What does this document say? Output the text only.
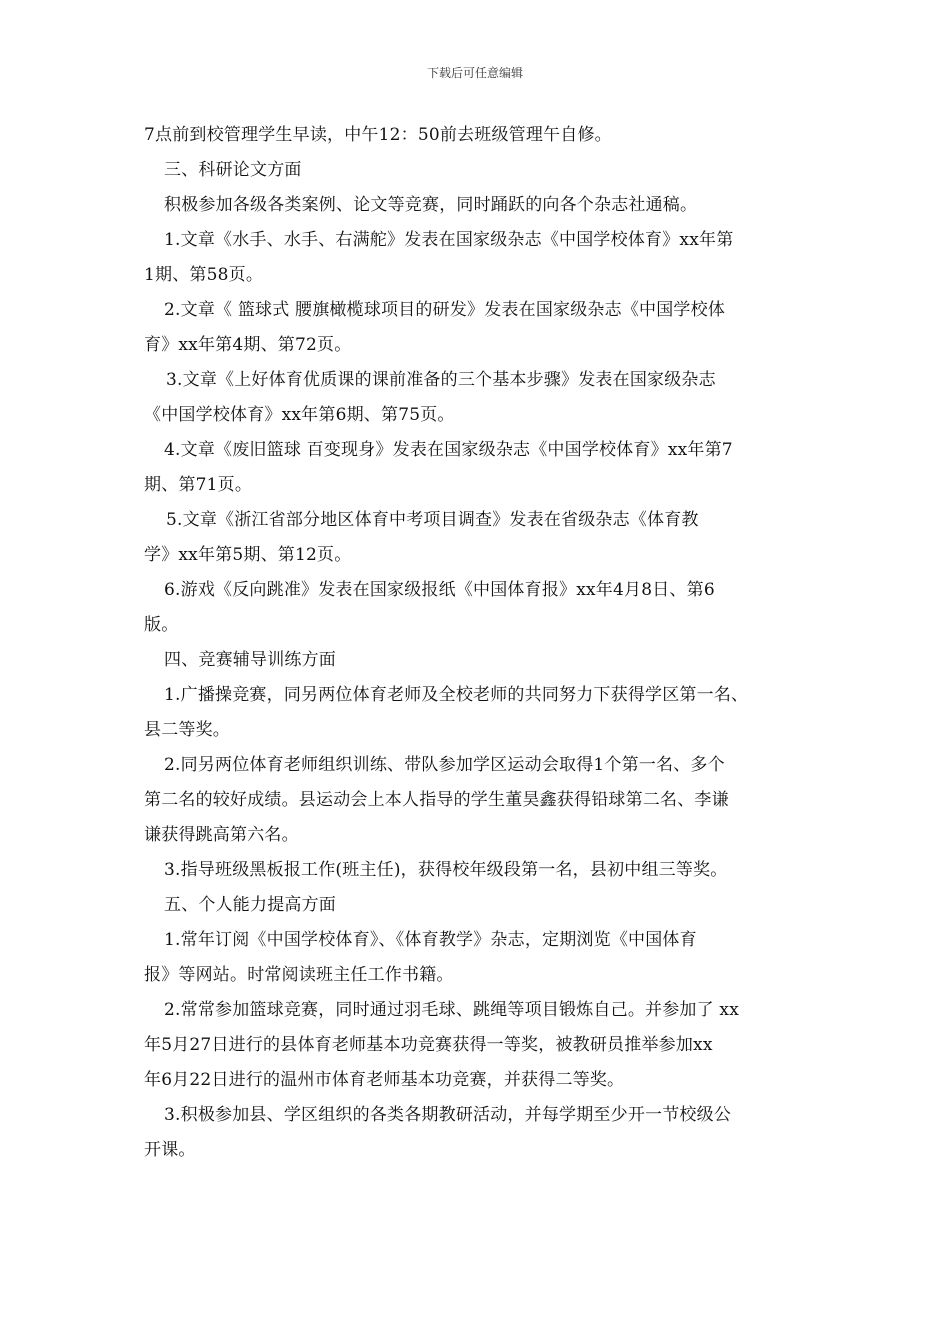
下载后可任意编辑
7点前到校管理学生早读，中午12：50前去班级管理午自修。
三、科研论文方面
积极参加各级各类案例、论文等竞赛，同时踊跃的向各个杂志社通稿。
1.文章《水手、水手、右满舵》发表在国家级杂志《中国学校体育》xx年第
1期、第58页。
2.文章《 篮球式 腰旗橄榄球项目的研发》发表在国家级杂志《中国学校体
育》xx年第4期、第72页。
3.文章《上好体育优质课的课前准备的三个基本步骤》发表在国家级杂志
《中国学校体育》xx年第6期、第75页。
4.文章《废旧篮球 百变现身》发表在国家级杂志《中国学校体育》xx年第7
期、第71页。
5.文章《浙江省部分地区体育中考项目调查》发表在省级杂志《体育教
学》xx年第5期、第12页。
6.游戏《反向跳准》发表在国家级报纸《中国体育报》xx年4月8日、第6
版。
四、竞赛辅导训练方面
1.广播操竞赛，同另两位体育老师及全校老师的共同努力下获得学区第一名、
县二等奖。
2.同另两位体育老师组织训练、带队参加学区运动会取得1个第一名、多个
第二名的较好成绩。县运动会上本人指导的学生董昊鑫获得铅球第二名、李谦
谦获得跳高第六名。
3.指导班级黑板报工作(班主任)，获得校年级段第一名，县初中组三等奖。
五、个人能力提高方面
1.常年订阅《中国学校体育》、《体育教学》杂志，定期浏览《中国体育
报》等网站。时常阅读班主任工作书籍。
2.常常参加篮球竞赛，同时通过羽毛球、跳绳等项目锻炼自己。并参加了 xx
年5月27日进行的县体育老师基本功竞赛获得一等奖，被教研员推举参加xx
年6月22日进行的温州市体育老师基本功竞赛，并获得二等奖。
3.积极参加县、学区组织的各类各期教研活动，并每学期至少开一节校级公
开课。
